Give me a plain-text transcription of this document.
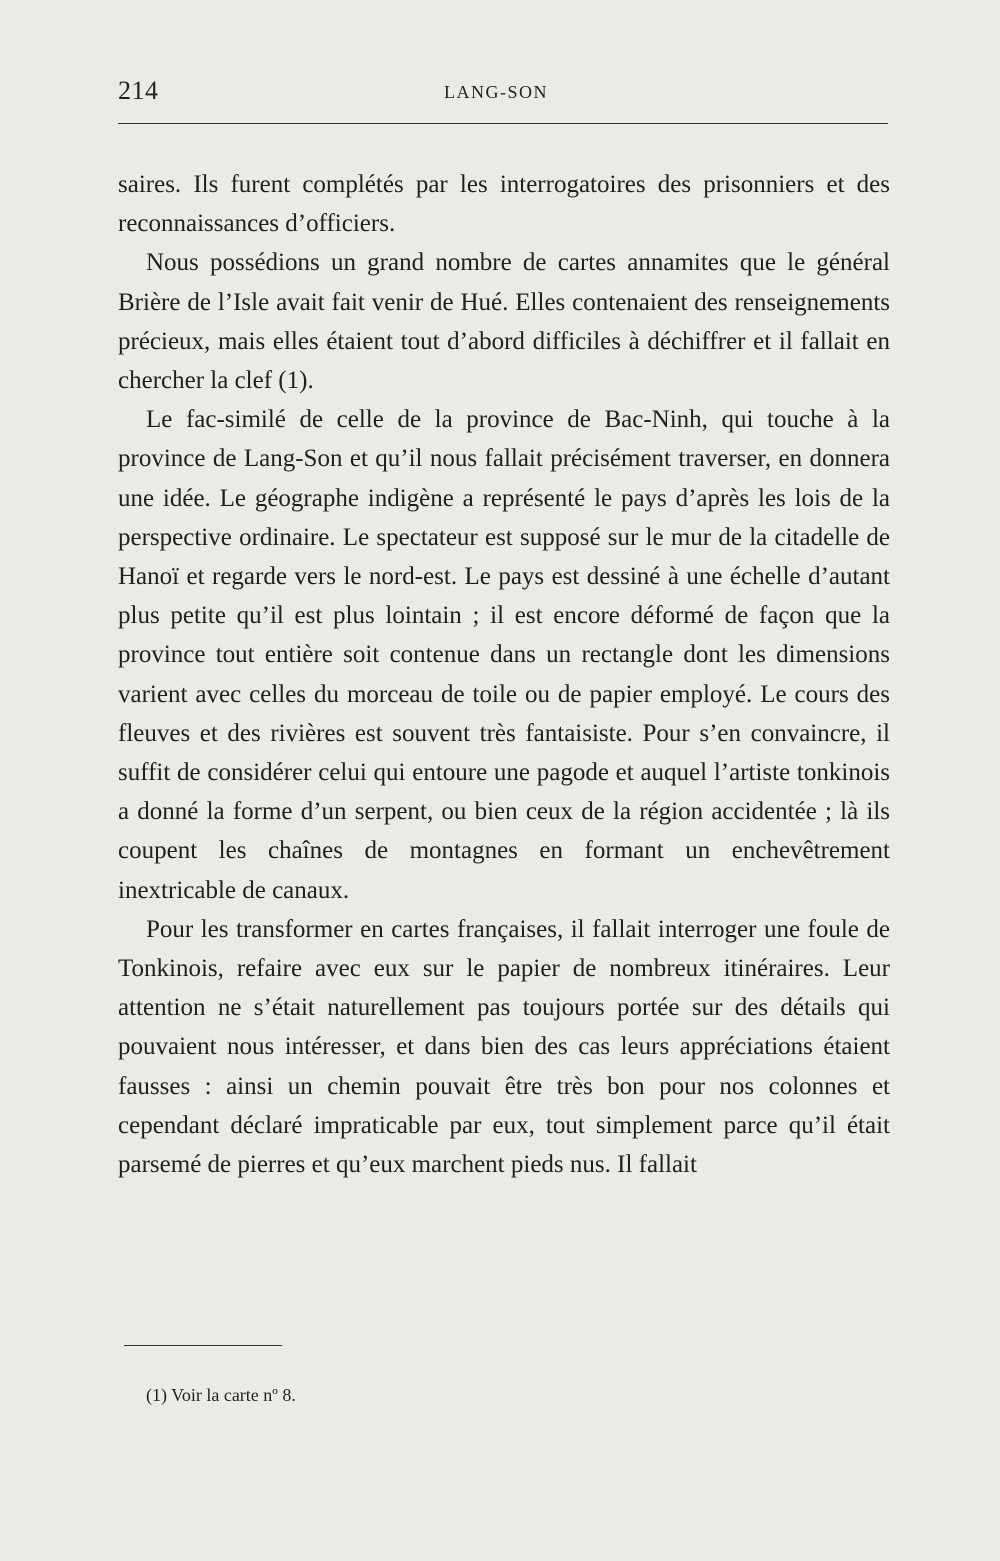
214	LANG-SON

saires. Ils furent complétés par les interrogatoires des prisonniers et des reconnaissances d’officiers.

Nous possédions un grand nombre de cartes annamites que le général Brière de l’Isle avait fait venir de Hué. Elles contenaient des renseignements précieux, mais elles étaient tout d’abord difficiles à déchiffrer et il fallait en chercher la clef (1).

Le fac-similé de celle de la province de Bac-Ninh, qui touche à la province de Lang-Son et qu’il nous fallait précisément traverser, en donnera une idée. Le géographe indigène a représenté le pays d’après les lois de la perspective ordinaire. Le spectateur est supposé sur le mur de la citadelle de Hanoï et regarde vers le nord-est. Le pays est dessiné à une échelle d’autant plus petite qu’il est plus lointain ; il est encore déformé de façon que la province tout entière soit contenue dans un rectangle dont les dimensions varient avec celles du morceau de toile ou de papier employé. Le cours des fleuves et des rivières est souvent très fantaisiste. Pour s’en convaincre, il suffit de considérer celui qui entoure une pagode et auquel l’artiste tonkinois a donné la forme d’un serpent, ou bien ceux de la région accidentée ; là ils coupent les chaînes de montagnes en formant un enchevêtrement inextricable de canaux.

Pour les transformer en cartes françaises, il fallait interroger une foule de Tonkinois, refaire avec eux sur le papier de nombreux itinéraires. Leur attention ne s’était naturellement pas toujours portée sur des détails qui pouvaient nous intéresser, et dans bien des cas leurs appréciations étaient fausses : ainsi un chemin pouvait être très bon pour nos colonnes et cependant déclaré impraticable par eux, tout simplement parce qu’il était parsemé de pierres et qu’eux marchent pieds nus. Il fallait

(1) Voir la carte nº 8.
